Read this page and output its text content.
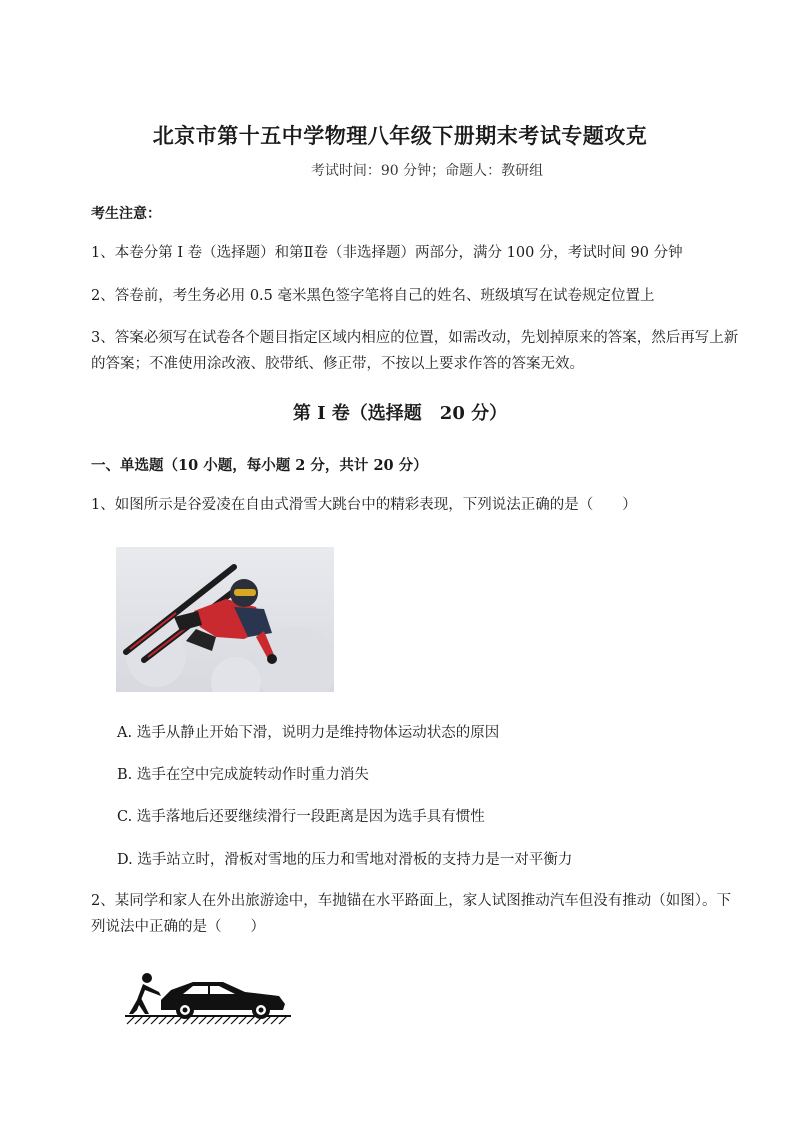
北京市第十五中学物理八年级下册期末考试专题攻克
考试时间：90 分钟；命题人：教研组
考生注意：
1、本卷分第 I 卷（选择题）和第Ⅱ卷（非选择题）两部分，满分 100 分，考试时间 90 分钟
2、答卷前，考生务必用 0.5 毫米黑色签字笔将自己的姓名、班级填写在试卷规定位置上
3、答案必须写在试卷各个题目指定区域内相应的位置，如需改动，先划掉原来的答案，然后再写上新的答案；不准使用涂改液、胶带纸、修正带，不按以上要求作答的答案无效。
第 I 卷（选择题　20 分）
一、单选题（10 小题，每小题 2 分，共计 20 分）
1、如图所示是谷爱凌在自由式滑雪大跳台中的精彩表现，下列说法正确的是（　　）
A. 选手从静止开始下滑，说明力是维持物体运动状态的原因
B. 选手在空中完成旋转动作时重力消失
C. 选手落地后还要继续滑行一段距离是因为选手具有惯性
D. 选手站立时，滑板对雪地的压力和雪地对滑板的支持力是一对平衡力
2、某同学和家人在外出旅游途中，车抛锚在水平路面上，家人试图推动汽车但没有推动（如图）。下
列说法中正确的是（　　）
